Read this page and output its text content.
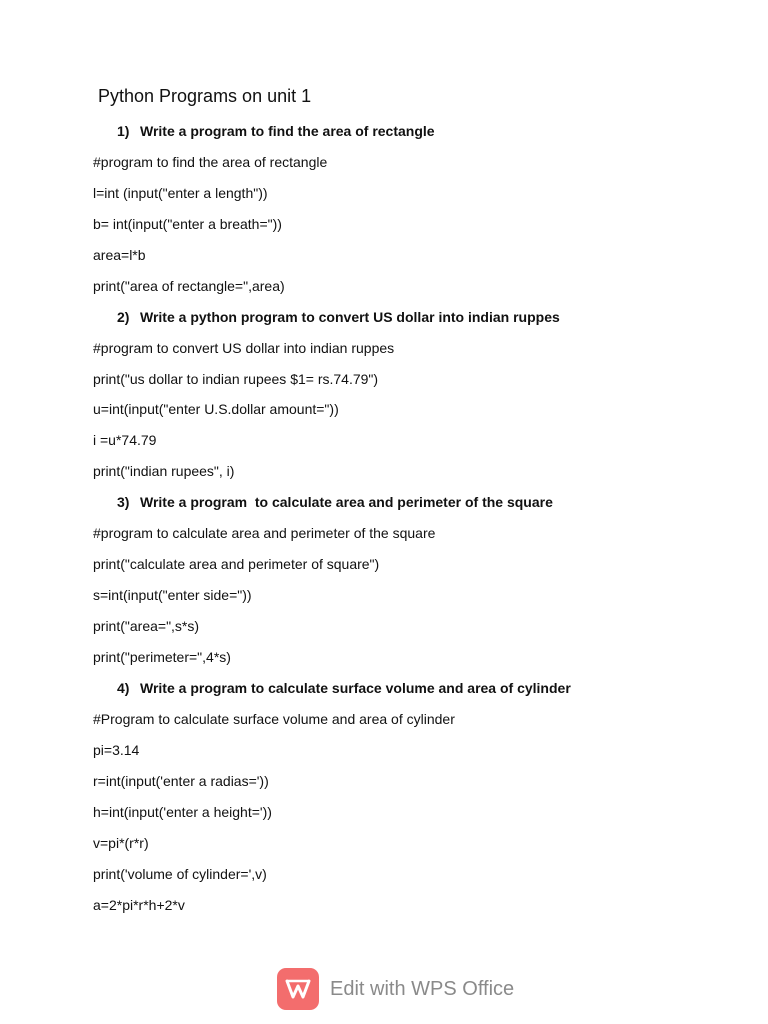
Python Programs on unit 1
1) Write a program to find the area of rectangle
#program to find the area of rectangle
l=int (input("enter a length"))
b= int(input("enter a breath="))
area=l*b
print("area of rectangle=",area)
2) Write a python program to convert US dollar into indian ruppes
#program to convert US dollar into indian ruppes
print("us dollar to indian rupees $1= rs.74.79")
u=int(input("enter U.S.dollar amount="))
i =u*74.79
print("indian rupees", i)
3) Write a program  to calculate area and perimeter of the square
#program to calculate area and perimeter of the square
print("calculate area and perimeter of square")
s=int(input("enter side="))
print("area=",s*s)
print("perimeter=",4*s)
4) Write a program to calculate surface volume and area of cylinder
#Program to calculate surface volume and area of cylinder
pi=3.14
r=int(input('enter a radias='))
h=int(input('enter a height='))
v=pi*(r*r)
print('volume of cylinder=',v)
a=2*pi*r*h+2*v
Edit with WPS Office
